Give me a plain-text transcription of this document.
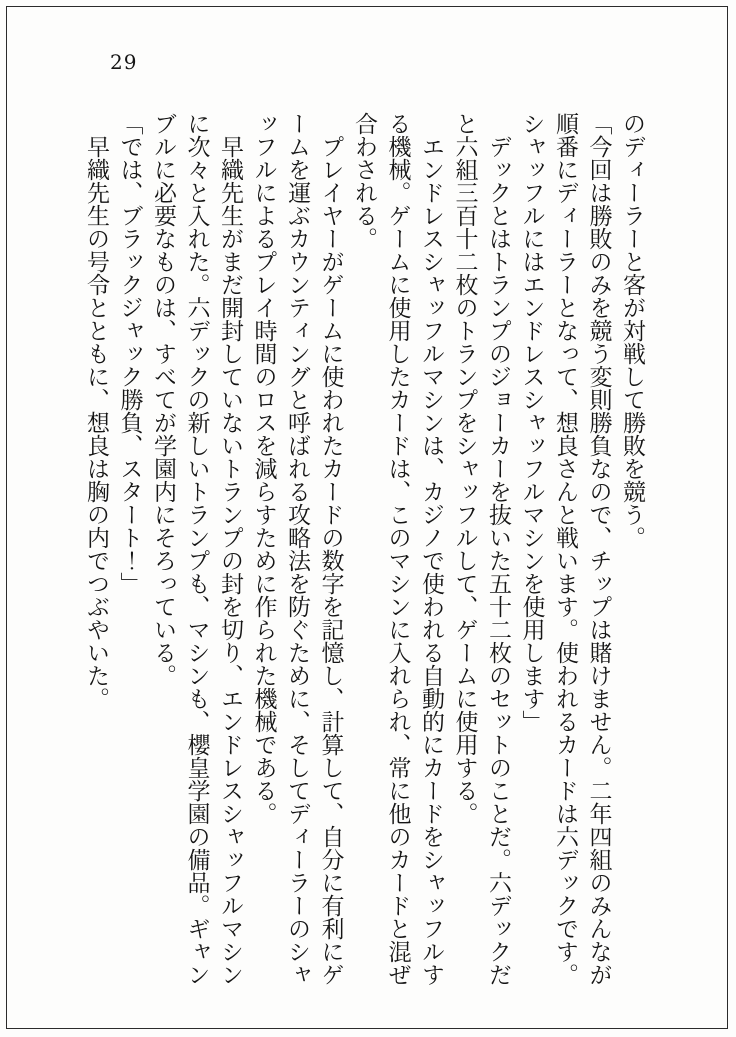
29
のディーラーと客が対戦して勝敗を競う。
「今回は勝敗のみを競う変則勝負なので、チップは賭けません。二年四組のみんなが
順番にディーラーとなって、想良さんと戦います。使われるカードは六デックです。
シャッフルにはエンドレスシャッフルマシンを使用します」
　デックとはトランプのジョーカーを抜いた五十二枚のセットのことだ。六デックだ
と六組三百十二枚のトランプをシャッフルして、ゲームに使用する。
　エンドレスシャッフルマシンは、カジノで使われる自動的にカードをシャッフルす
る機械。ゲームに使用したカードは、このマシンに入れられ、常に他のカードと混ぜ
合わされる。
　プレイヤーがゲームに使われたカードの数字を記憶し、計算して、自分に有利にゲ
ームを運ぶカウンティングと呼ばれる攻略法を防ぐために、そしてディーラーのシャ
ッフルによるプレイ時間のロスを減らすために作られた機械である。
　早織先生がまだ開封していないトランプの封を切り、エンドレスシャッフルマシン
に次々と入れた。六デックの新しいトランプも、マシンも、櫻皇学園の備品。ギャン
ブルに必要なものは、すべてが学園内にそろっている。
「では、ブラックジャック勝負、スタート！」
　早織先生の号令とともに、想良は胸の内でつぶやいた。
